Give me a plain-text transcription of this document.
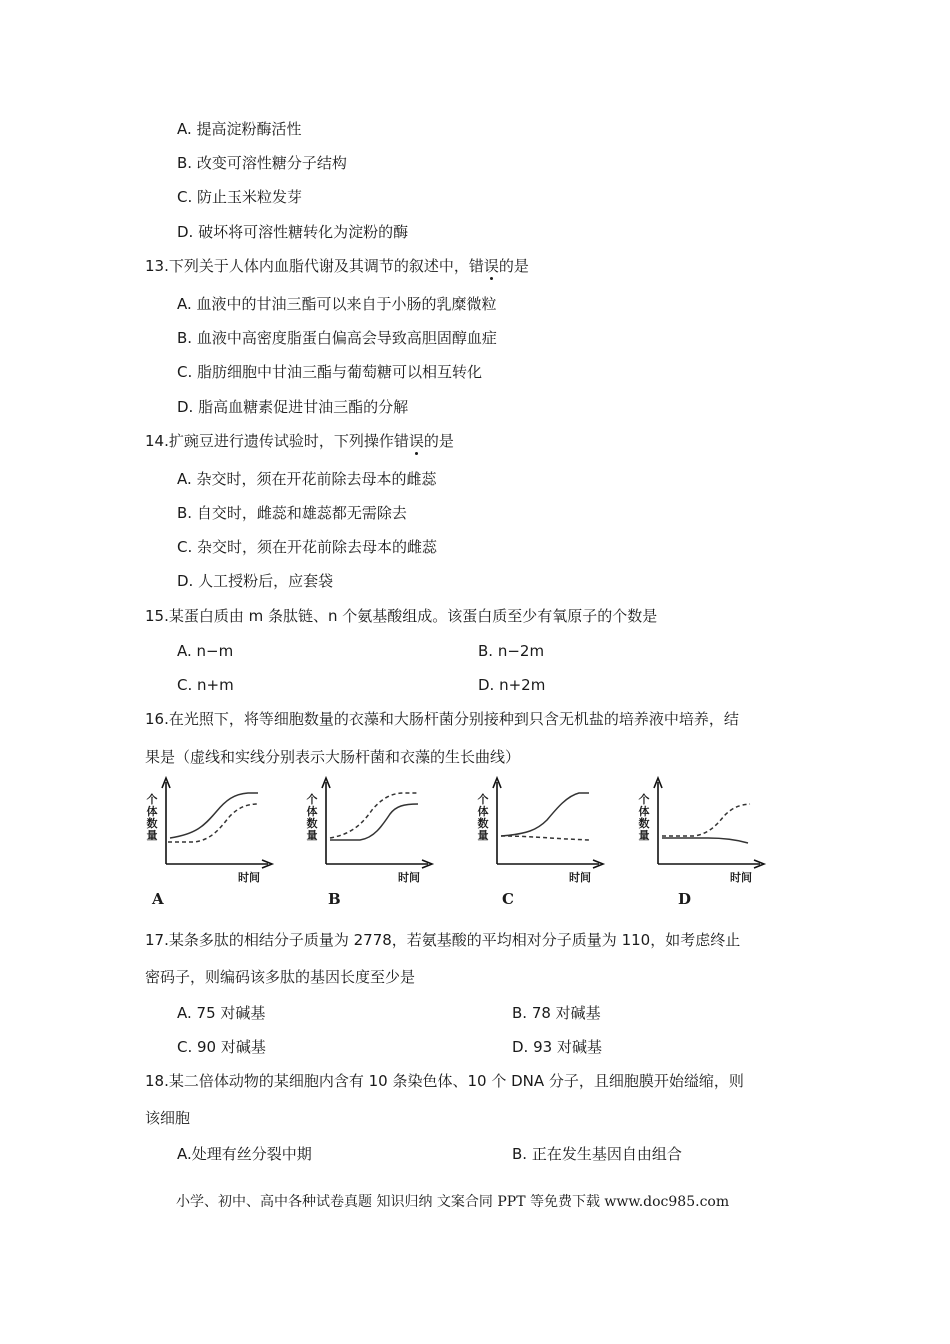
A. 提高淀粉酶活性
B. 改变可溶性糖分子结构
C. 防止玉米粒发芽
D. 破坏将可溶性糖转化为淀粉的酶
13.下列关于人体内血脂代谢及其调节的叙述中，错误的是
A. 血液中的甘油三酯可以来自于小肠的乳糜微粒
B. 血液中高密度脂蛋白偏高会导致高胆固醇血症
C. 脂肪细胞中甘油三酯与葡萄糖可以相互转化
D. 脂高血糖素促进甘油三酯的分解
14.扩豌豆进行遗传试验时，下列操作错误的是
A. 杂交时，须在开花前除去母本的雌蕊
B. 自交时，雌蕊和雄蕊都无需除去
C. 杂交时，须在开花前除去母本的雌蕊
D. 人工授粉后，应套袋
15.某蛋白质由 m 条肽链、n 个氨基酸组成。该蛋白质至少有氧原子的个数是
A. n−m	B. n−2m
C. n+m	D. n+2m
16.在光照下，将等细胞数量的衣藻和大肠杆菌分别接种到只含无机盐的培养液中培养，结
果是（虚线和实线分别表示大肠杆菌和衣藻的生长曲线）
个体数量
时间
A
个体数量
时间
B
个体数量
时间
C
个体数量
时间
D
17.某条多肽的相结分子质量为 2778，若氨基酸的平均相对分子质量为 110，如考虑终止
密码子，则编码该多肽的基因长度至少是
A. 75 对碱基	B. 78 对碱基
C. 90 对碱基	D. 93 对碱基
18.某二倍体动物的某细胞内含有 10 条染色体、10 个 DNA 分子，且细胞膜开始缢缩，则
该细胞
A.处理有丝分裂中期	B. 正在发生基因自由组合
小学、初中、高中各种试卷真题 知识归纳 文案合同 PPT 等免费下载 www.doc985.com
